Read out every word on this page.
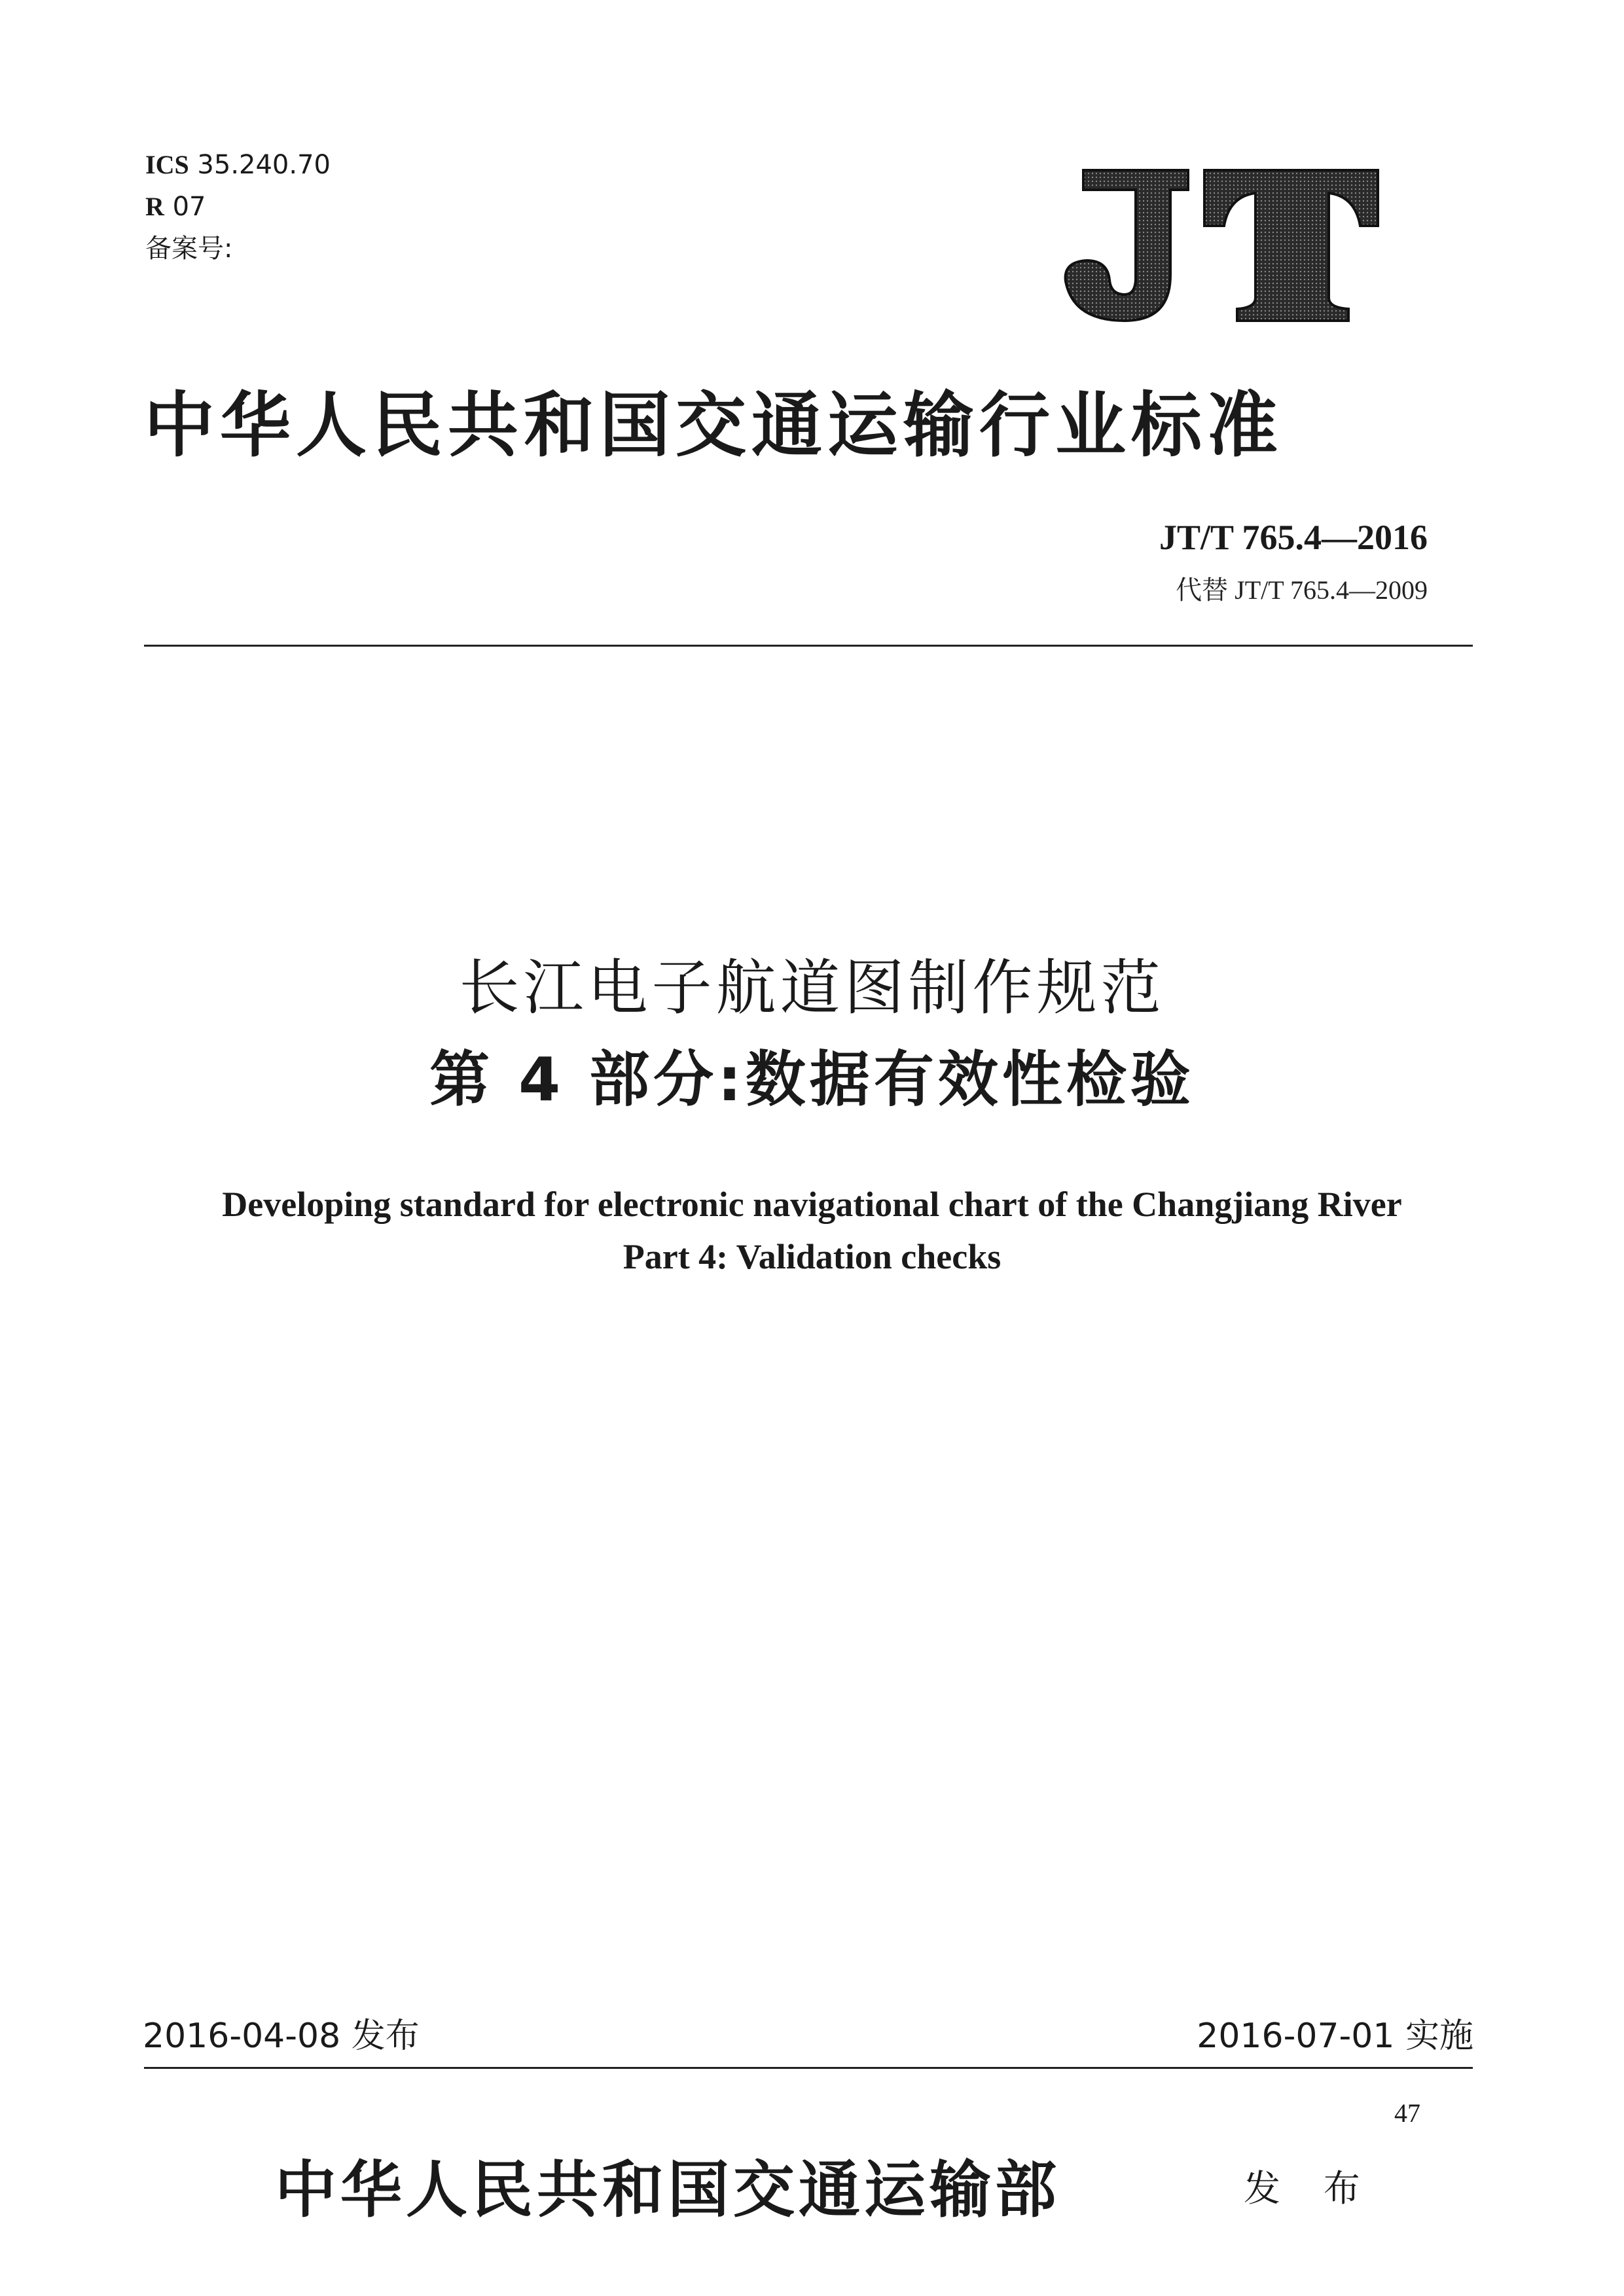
ICS 35.240.70
R 07
备案号:
中华人民共和国交通运输行业标准
JT/T 765.4—2016
代替 JT/T 765.4—2009
长江电子航道图制作规范
第 4 部分:数据有效性检验
Developing standard for electronic navigational chart of the Changjiang River
Part 4: Validation checks
2016-04-08 发布	2016-07-01 实施
47
中华人民共和国交通运输部	发 布
